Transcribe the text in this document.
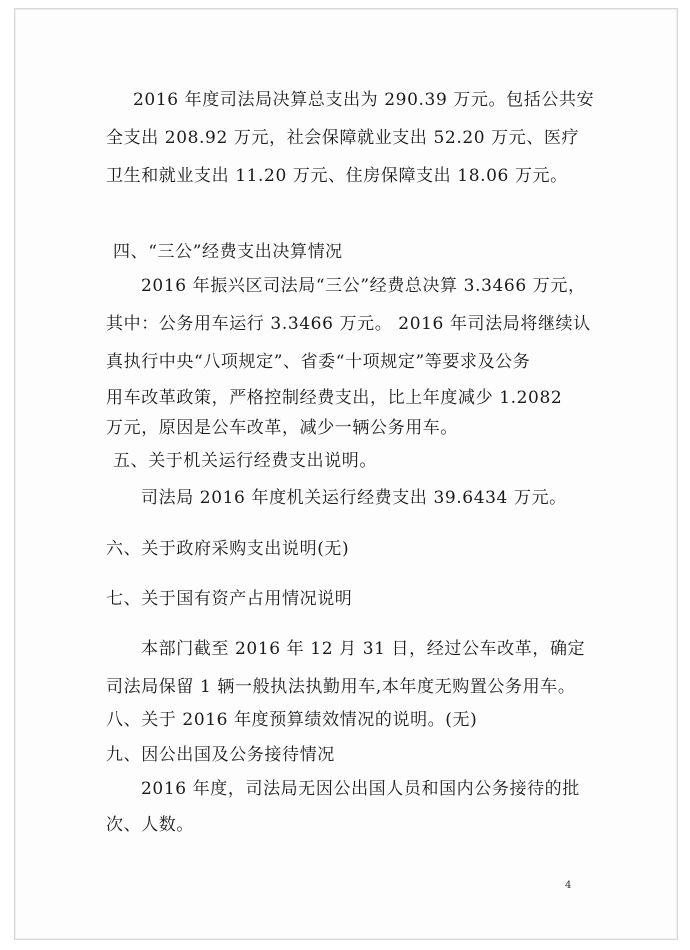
2016 年度司法局决算总支出为 290.39 万元。包括公共安
全支出 208.92 万元，社会保障就业支出 52.20 万元、医疗
卫生和就业支出 11.20 万元、住房保障支出 18.06 万元。
四、“三公”经费支出决算情况
2016 年振兴区司法局“三公”经费总决算 3.3466 万元，
其中：公务用车运行 3.3466 万元。 2016 年司法局将继续认
真执行中央“八项规定”、省委“十项规定”等要求及公务
用车改革政策，严格控制经费支出，比上年度减少 1.2082
万元，原因是公车改革，减少一辆公务用车。
五、关于机关运行经费支出说明。
司法局 2016 年度机关运行经费支出 39.6434 万元。
六、关于政府采购支出说明(无)
七、关于国有资产占用情况说明
本部门截至 2016 年 12 月 31 日，经过公车改革，确定
司法局保留 1 辆一般执法执勤用车,本年度无购置公务用车。
八、关于 2016 年度预算绩效情况的说明。(无)
九、因公出国及公务接待情况
2016 年度，司法局无因公出国人员和国内公务接待的批
次、人数。
4
